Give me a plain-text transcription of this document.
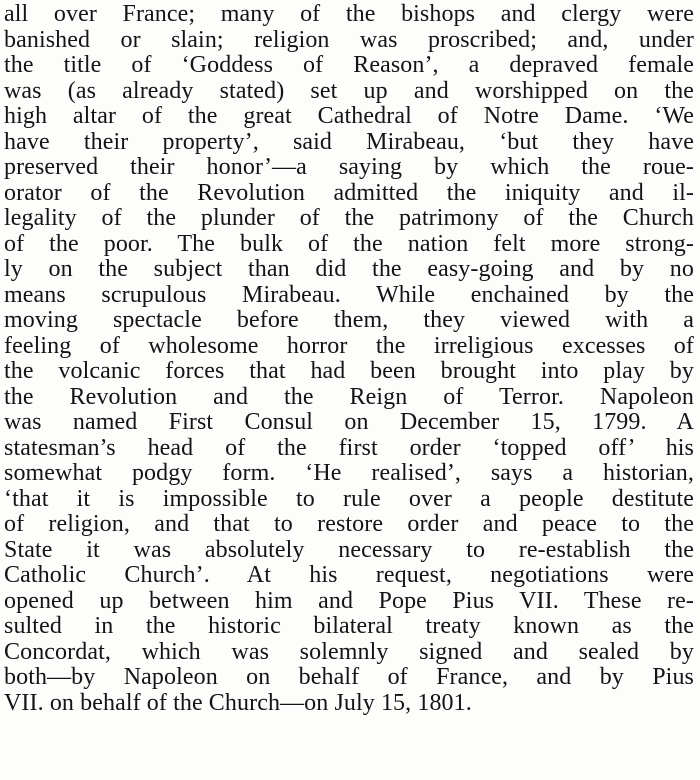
all over France; many of the bishops and clergy were
banished or slain; religion was proscribed; and, under
the title of ‘Goddess of Reason’, a depraved female
was (as already stated) set up and worshipped on the
high altar of the great Cathedral of Notre Dame. ‘We
have their property’, said Mirabeau, ‘but they have
preserved their honor’—a saying by which the roue-
orator of the Revolution admitted the iniquity and il-
legality of the plunder of the patrimony of the Church
of the poor. The bulk of the nation felt more strong-
ly on the subject than did the easy-going and by no
means scrupulous Mirabeau. While enchained by the
moving spectacle before them, they viewed with a
feeling of wholesome horror the irreligious excesses of
the volcanic forces that had been brought into play by
the Revolution and the Reign of Terror. Napoleon
was named First Consul on December 15, 1799. A
statesman’s head of the first order ‘topped off’ his
somewhat podgy form. ‘He realised’, says a historian,
‘that it is impossible to rule over a people destitute
of religion, and that to restore order and peace to the
State it was absolutely necessary to re-establish the
Catholic Church’. At his request, negotiations were
opened up between him and Pope Pius VII. These re-
sulted in the historic bilateral treaty known as the
Concordat, which was solemnly signed and sealed by
both—by Napoleon on behalf of France, and by Pius
VII. on behalf of the Church—on July 15, 1801.
